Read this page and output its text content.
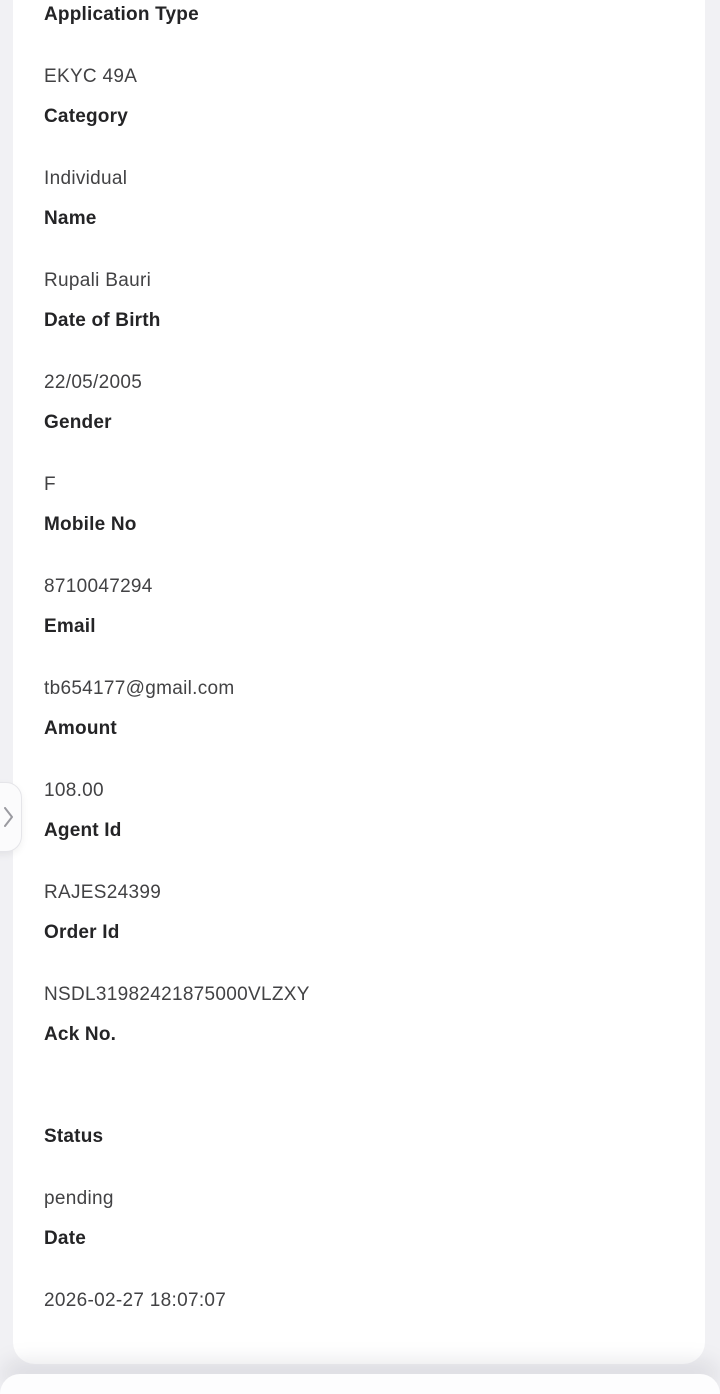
Application Type
EKYC 49A
Category
Individual
Name
Rupali Bauri
Date of Birth
22/05/2005
Gender
F
Mobile No
8710047294
Email
tb654177@gmail.com
Amount
108.00
Agent Id
RAJES24399
Order Id
NSDL31982421875000VLZXY
Ack No.
Status
pending
Date
2026-02-27 18:07:07
